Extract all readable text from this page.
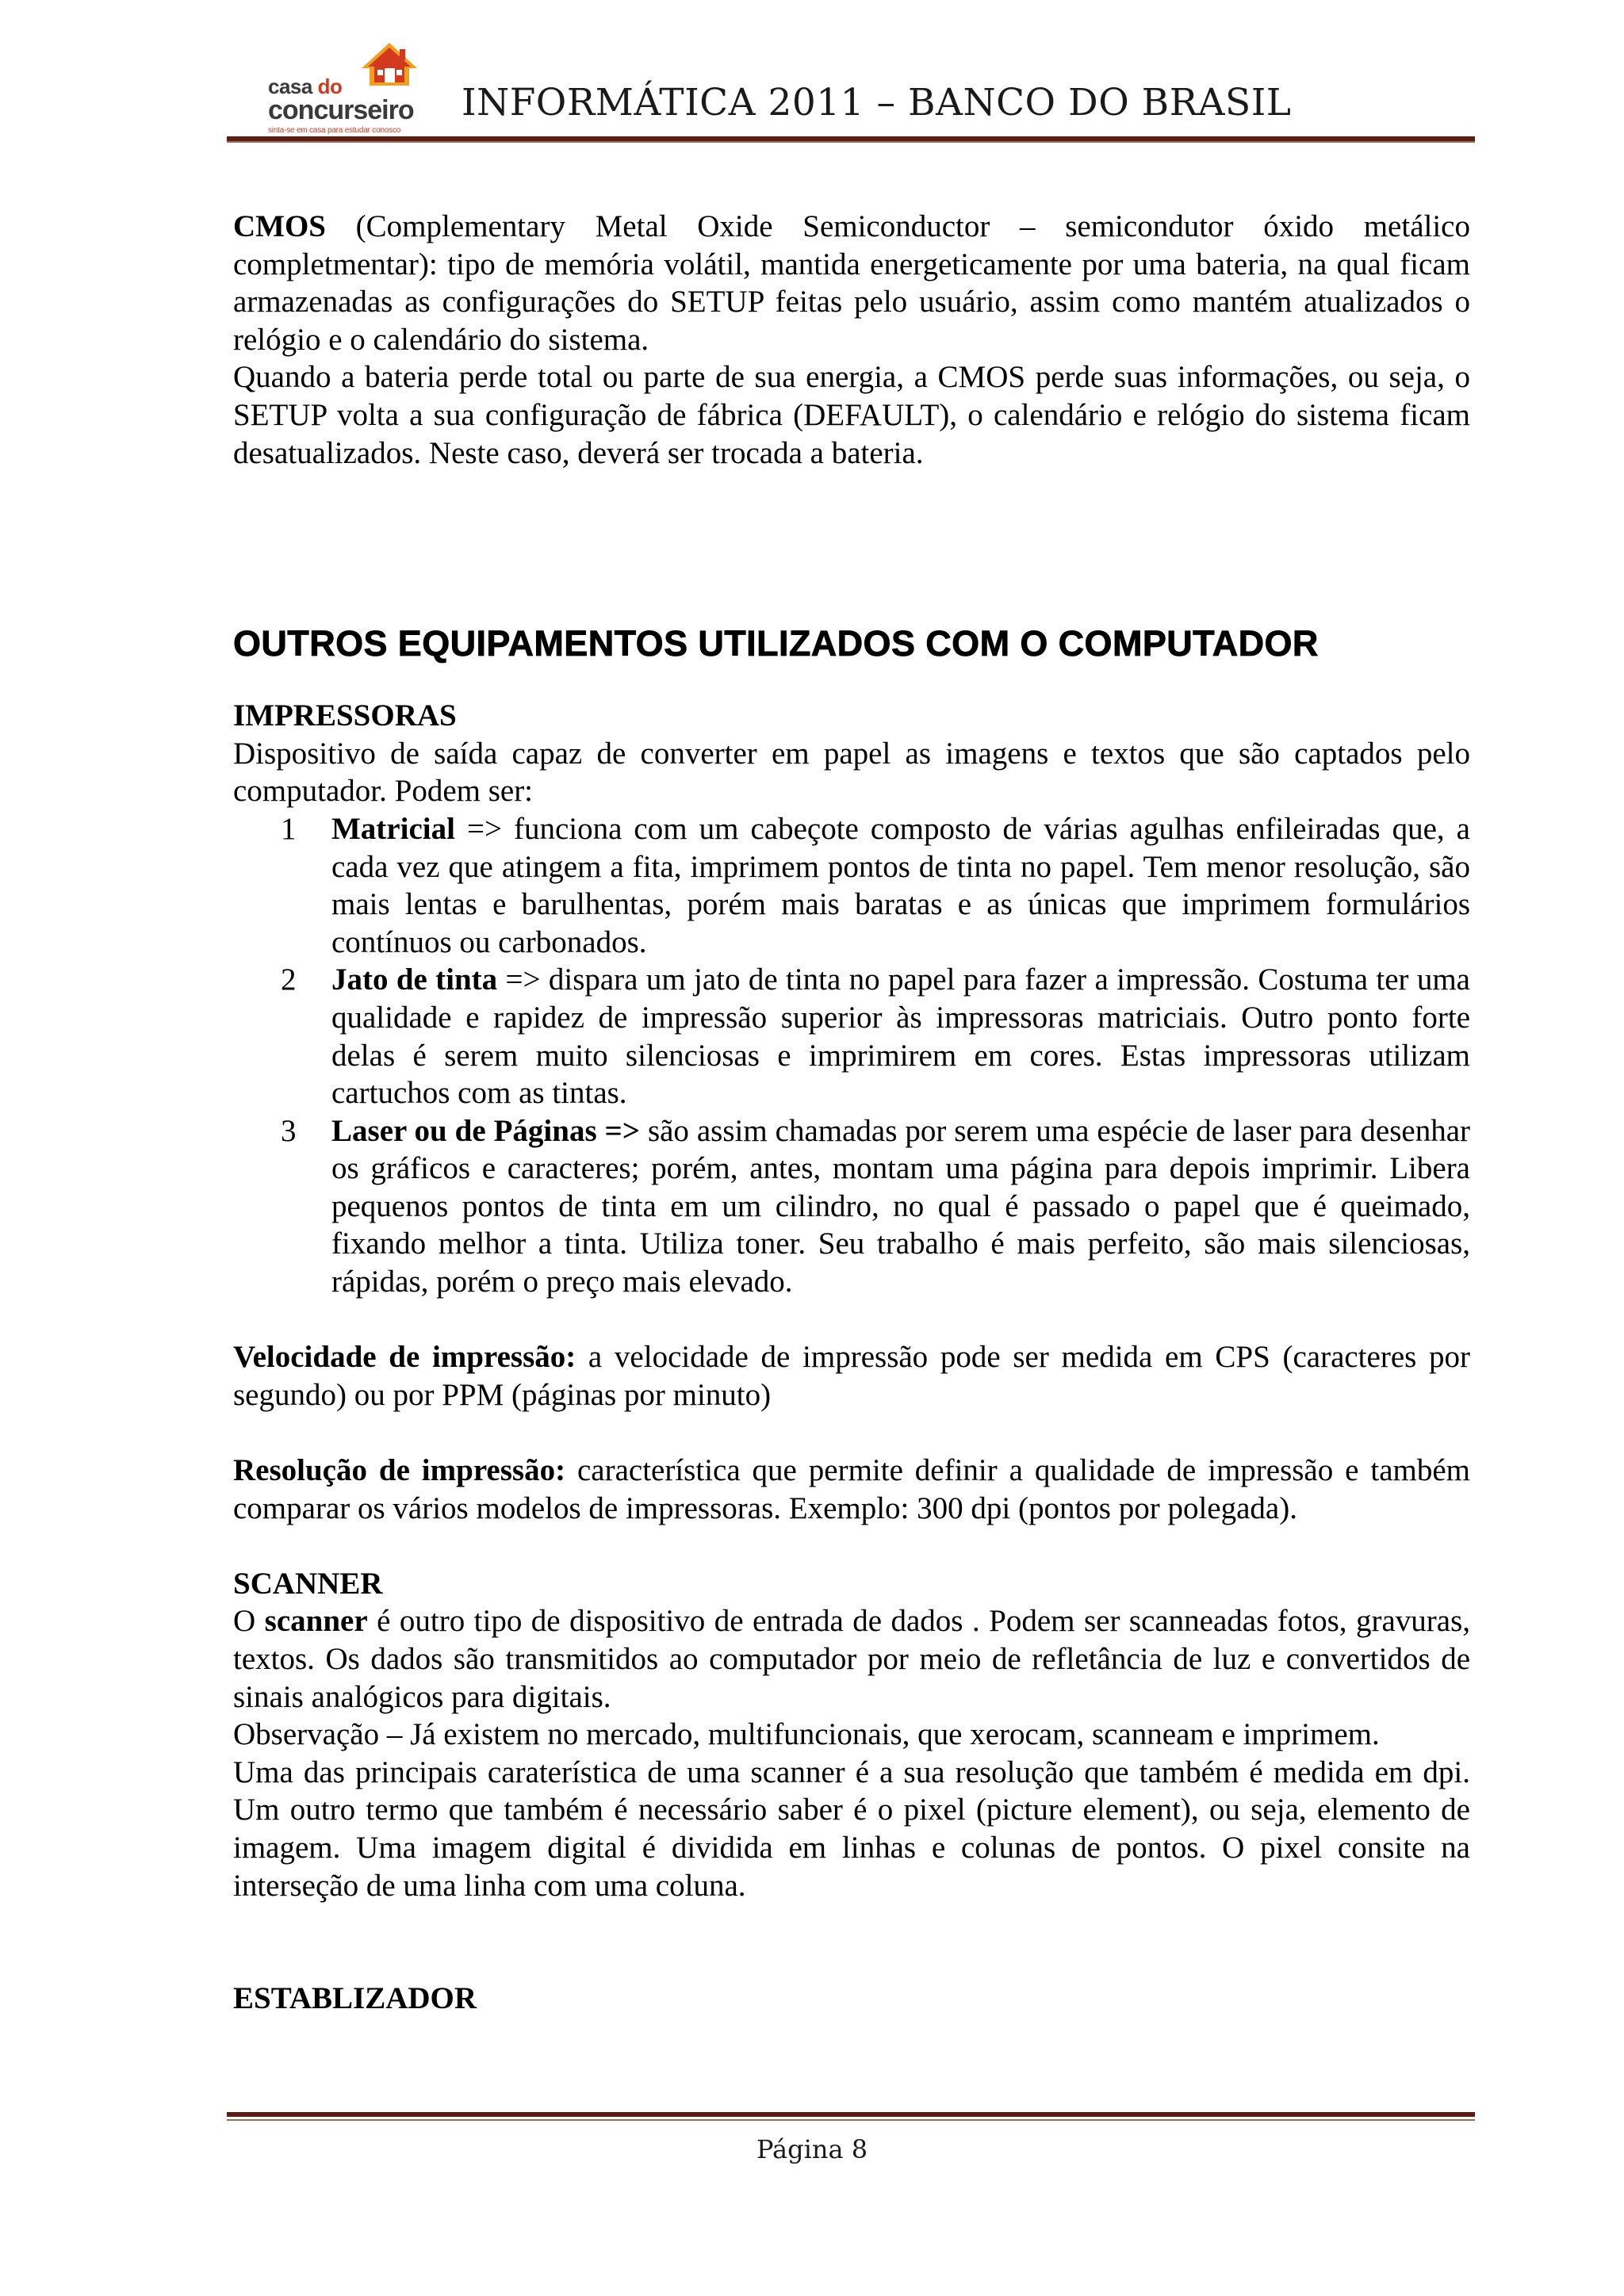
casa do
concurseiro
sinta-se em casa para estudar conosco
INFORMÁTICA 2011 – BANCO DO BRASIL

CMOS (Complementary Metal Oxide Semiconductor – semicondutor óxido metálico completmentar): tipo de memória volátil, mantida energeticamente por uma bateria, na qual ficam armazenadas as configurações do SETUP feitas pelo usuário, assim como mantém atualizados o relógio e o calendário do sistema.

Quando a bateria perde total ou parte de sua energia, a CMOS perde suas informações, ou seja, o SETUP volta a sua configuração de fábrica (DEFAULT), o calendário e relógio do sistema ficam desatualizados. Neste caso, deverá ser trocada a bateria.

OUTROS EQUIPAMENTOS UTILIZADOS COM O COMPUTADOR

IMPRESSORAS

Dispositivo de saída capaz de converter em papel as imagens e textos que são captados pelo computador. Podem ser:

1 Matricial => funciona com um cabeçote composto de várias agulhas enfileiradas que, a cada vez que atingem a fita, imprimem pontos de tinta no papel. Tem menor resolução, são mais lentas e barulhentas, porém mais baratas e as únicas que imprimem formulários contínuos ou carbonados.
2 Jato de tinta => dispara um jato de tinta no papel para fazer a impressão. Costuma ter uma qualidade e rapidez de impressão superior às impressoras matriciais. Outro ponto forte delas é serem muito silenciosas e imprimirem em cores. Estas impressoras utilizam cartuchos com as tintas.
3 Laser ou de Páginas => são assim chamadas por serem uma espécie de laser para desenhar os gráficos e caracteres; porém, antes, montam uma página para depois imprimir. Libera pequenos pontos de tinta em um cilindro, no qual é passado o papel que é queimado, fixando melhor a tinta. Utiliza toner. Seu trabalho é mais perfeito, são mais silenciosas, rápidas, porém o preço mais elevado.

Velocidade de impressão: a velocidade de impressão pode ser medida em CPS (caracteres por segundo) ou por PPM (páginas por minuto)

Resolução de impressão: característica que permite definir a qualidade de impressão e também comparar os vários modelos de impressoras. Exemplo: 300 dpi (pontos por polegada).

SCANNER

O scanner é outro tipo de dispositivo de entrada de dados . Podem ser scanneadas fotos, gravuras, textos. Os dados são transmitidos ao computador por meio de refletância de luz e convertidos de sinais analógicos para digitais.

Observação – Já existem no mercado, multifuncionais, que xerocam, scanneam e imprimem.

Uma das principais caraterística de uma scanner é a sua resolução que também é medida em dpi. Um outro termo que também é necessário saber é o pixel (picture element), ou seja, elemento de imagem. Uma imagem digital é dividida em linhas e colunas de pontos. O pixel consite na interseção de uma linha com uma coluna.

ESTABLIZADOR

Página 8
